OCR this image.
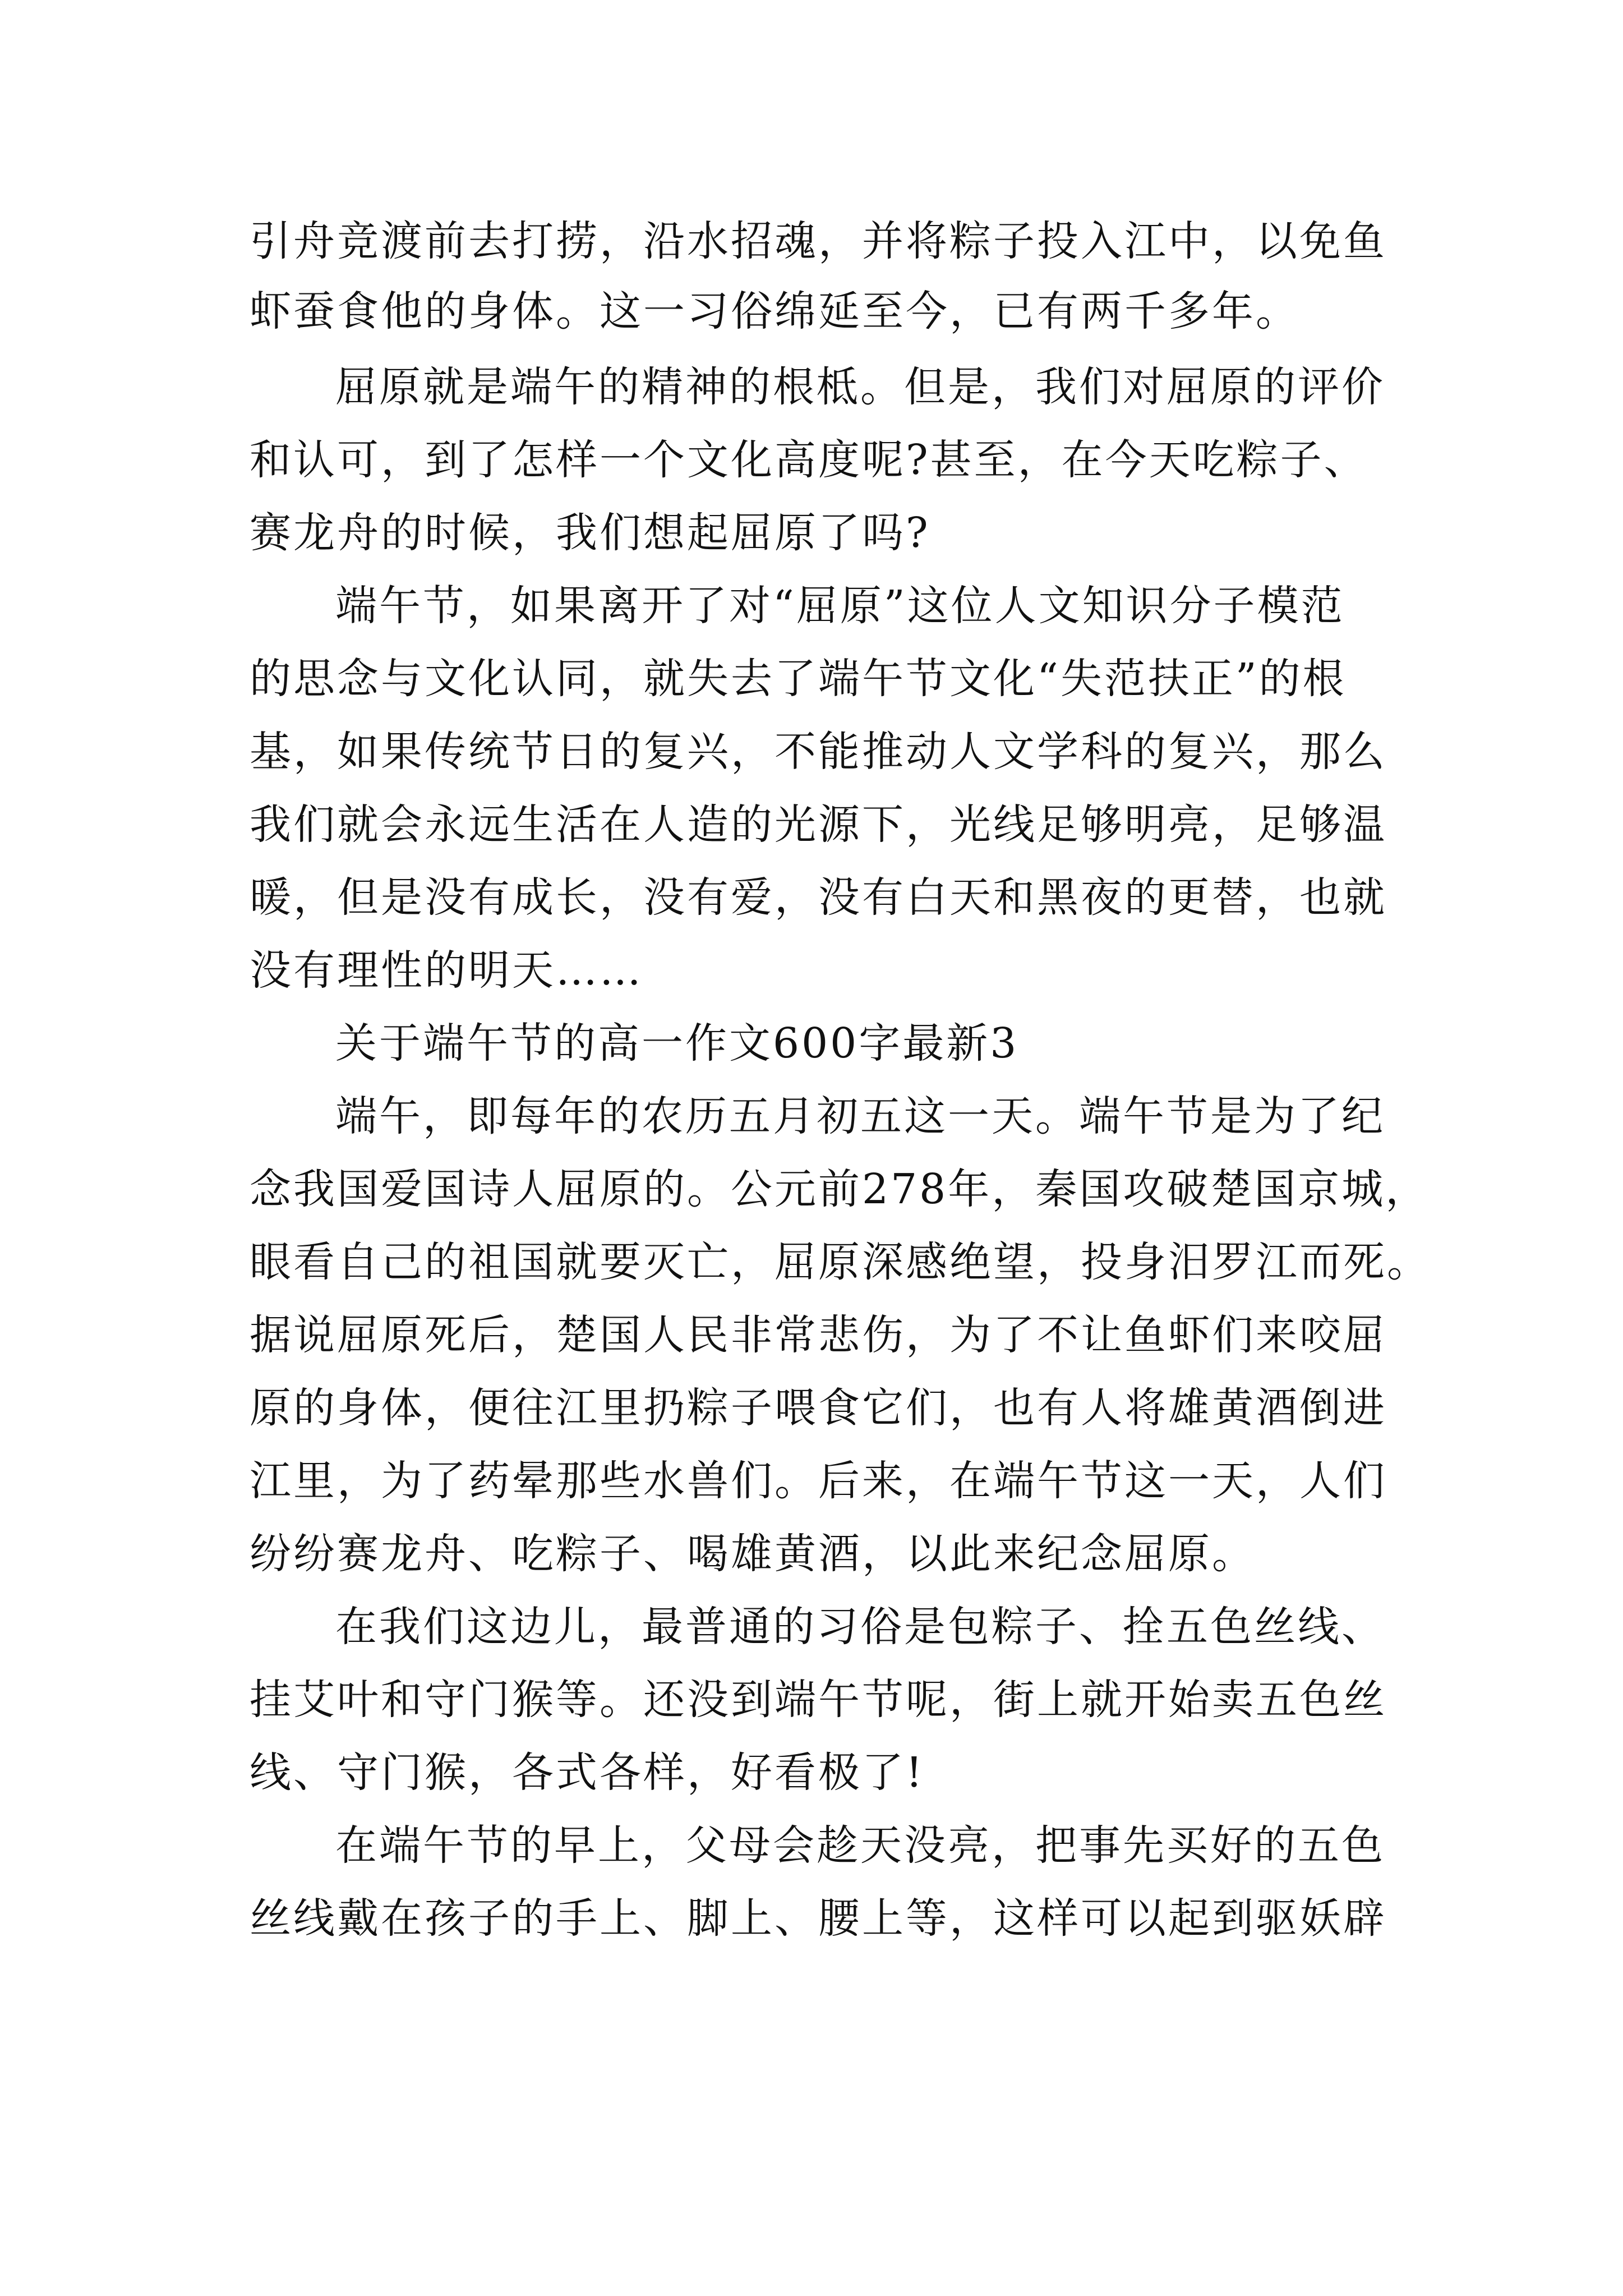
引舟竞渡前去打捞，沿水招魂，并将粽子投入江中，以免鱼
虾蚕食他的身体。这一习俗绵延至今，已有两千多年。
屈原就是端午的精神的根柢。但是，我们对屈原的评价
和认可，到了怎样一个文化高度呢?甚至，在今天吃粽子、
赛龙舟的时候，我们想起屈原了吗?
端午节，如果离开了对“屈原”这位人文知识分子模范
的思念与文化认同，就失去了端午节文化“失范扶正”的根
基，如果传统节日的复兴，不能推动人文学科的复兴，那么
我们就会永远生活在人造的光源下，光线足够明亮，足够温
暖，但是没有成长，没有爱，没有白天和黑夜的更替，也就
没有理性的明天……
关于端午节的高一作文600字最新3
端午，即每年的农历五月初五这一天。端午节是为了纪
念我国爱国诗人屈原的。公元前278年，秦国攻破楚国京城，
眼看自己的祖国就要灭亡，屈原深感绝望，投身汨罗江而死。
据说屈原死后，楚国人民非常悲伤，为了不让鱼虾们来咬屈
原的身体，便往江里扔粽子喂食它们，也有人将雄黄酒倒进
江里，为了药晕那些水兽们。后来，在端午节这一天，人们
纷纷赛龙舟、吃粽子、喝雄黄酒，以此来纪念屈原。
在我们这边儿，最普通的习俗是包粽子、拴五色丝线、
挂艾叶和守门猴等。还没到端午节呢，街上就开始卖五色丝
线、守门猴，各式各样，好看极了!
在端午节的早上，父母会趁天没亮，把事先买好的五色
丝线戴在孩子的手上、脚上、腰上等，这样可以起到驱妖辟
